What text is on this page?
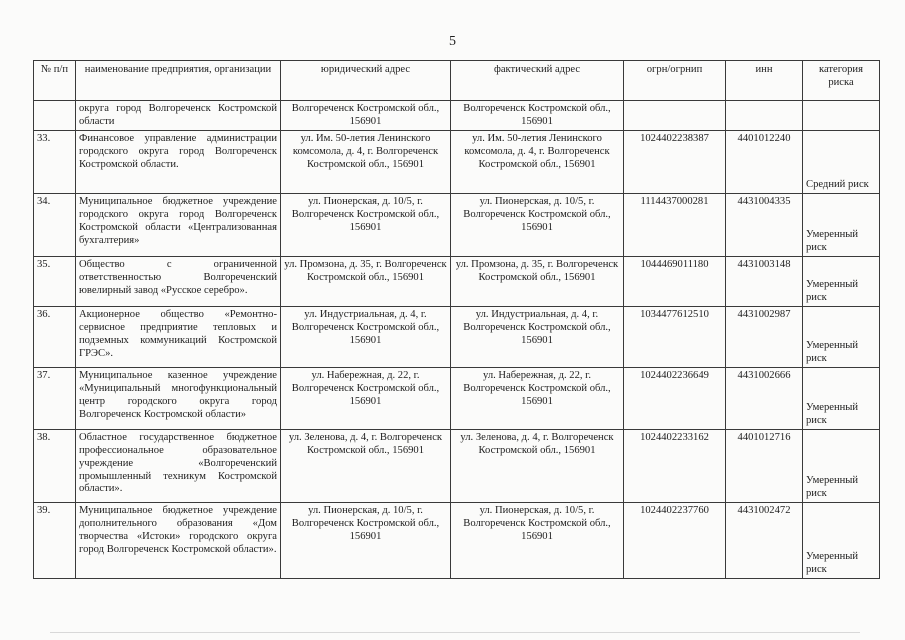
5
№ п/п	наименование предприятия, организации	юридический адрес	фактический адрес	огрн/огрнип	инн	категория риска
	округа город Волгореченск Костромской области	Волгореченск Костромской обл., 156901	Волгореченск Костромской обл., 156901			
33.	Финансовое управление администрации городского округа город Волгореченск Костромской области.	ул. Им. 50-летия Ленинского комсомола, д. 4, г. Волгореченск Костромской обл., 156901	ул. Им. 50-летия Ленинского комсомола, д. 4, г. Волгореченск Костромской обл., 156901	1024402238387	4401012240	Средний риск
34.	Муниципальное бюджетное учреждение городского округа город Волгореченск Костромской области «Централизованная бухгалтерия»	ул. Пионерская, д. 10/5, г. Волгореченск Костромской обл., 156901	ул. Пионерская, д. 10/5, г. Волгореченск Костромской обл., 156901	1114437000281	4431004335	Умеренный риск
35.	Общество с ограниченной ответственностью Волгореченский ювелирный завод «Русское серебро».	ул. Промзона, д. 35, г. Волгореченск Костромской обл., 156901	ул. Промзона, д. 35, г. Волгореченск Костромской обл., 156901	1044469011180	4431003148	Умеренный риск
36.	Акционерное общество «Ремонтно-сервисное предприятие тепловых и подземных коммуникаций Костромской ГРЭС».	ул. Индустриальная, д. 4, г. Волгореченск Костромской обл., 156901	ул. Индустриальная, д. 4, г. Волгореченск Костромской обл., 156901	1034477612510	4431002987	Умеренный риск
37.	Муниципальное казенное учреждение «Муниципальный многофункциональный центр городского округа город Волгореченск Костромской области»	ул. Набережная, д. 22, г. Волгореченск Костромской обл., 156901	ул. Набережная, д. 22, г. Волгореченск Костромской обл., 156901	1024402236649	4431002666	Умеренный риск
38.	Областное государственное бюджетное профессиональное образовательное учреждение «Волгореченский промышленный техникум Костромской области».	ул. Зеленова, д. 4, г. Волгореченск Костромской обл., 156901	ул. Зеленова, д. 4, г. Волгореченск Костромской обл., 156901	1024402233162	4401012716	Умеренный риск
39.	Муниципальное бюджетное учреждение дополнительного образования «Дом творчества «Истоки» городского округа город Волгореченск Костромской области».	ул. Пионерская, д. 10/5, г. Волгореченск Костромской обл., 156901	ул. Пионерская, д. 10/5, г. Волгореченск Костромской обл., 156901	1024402237760	4431002472	Умеренный риск
